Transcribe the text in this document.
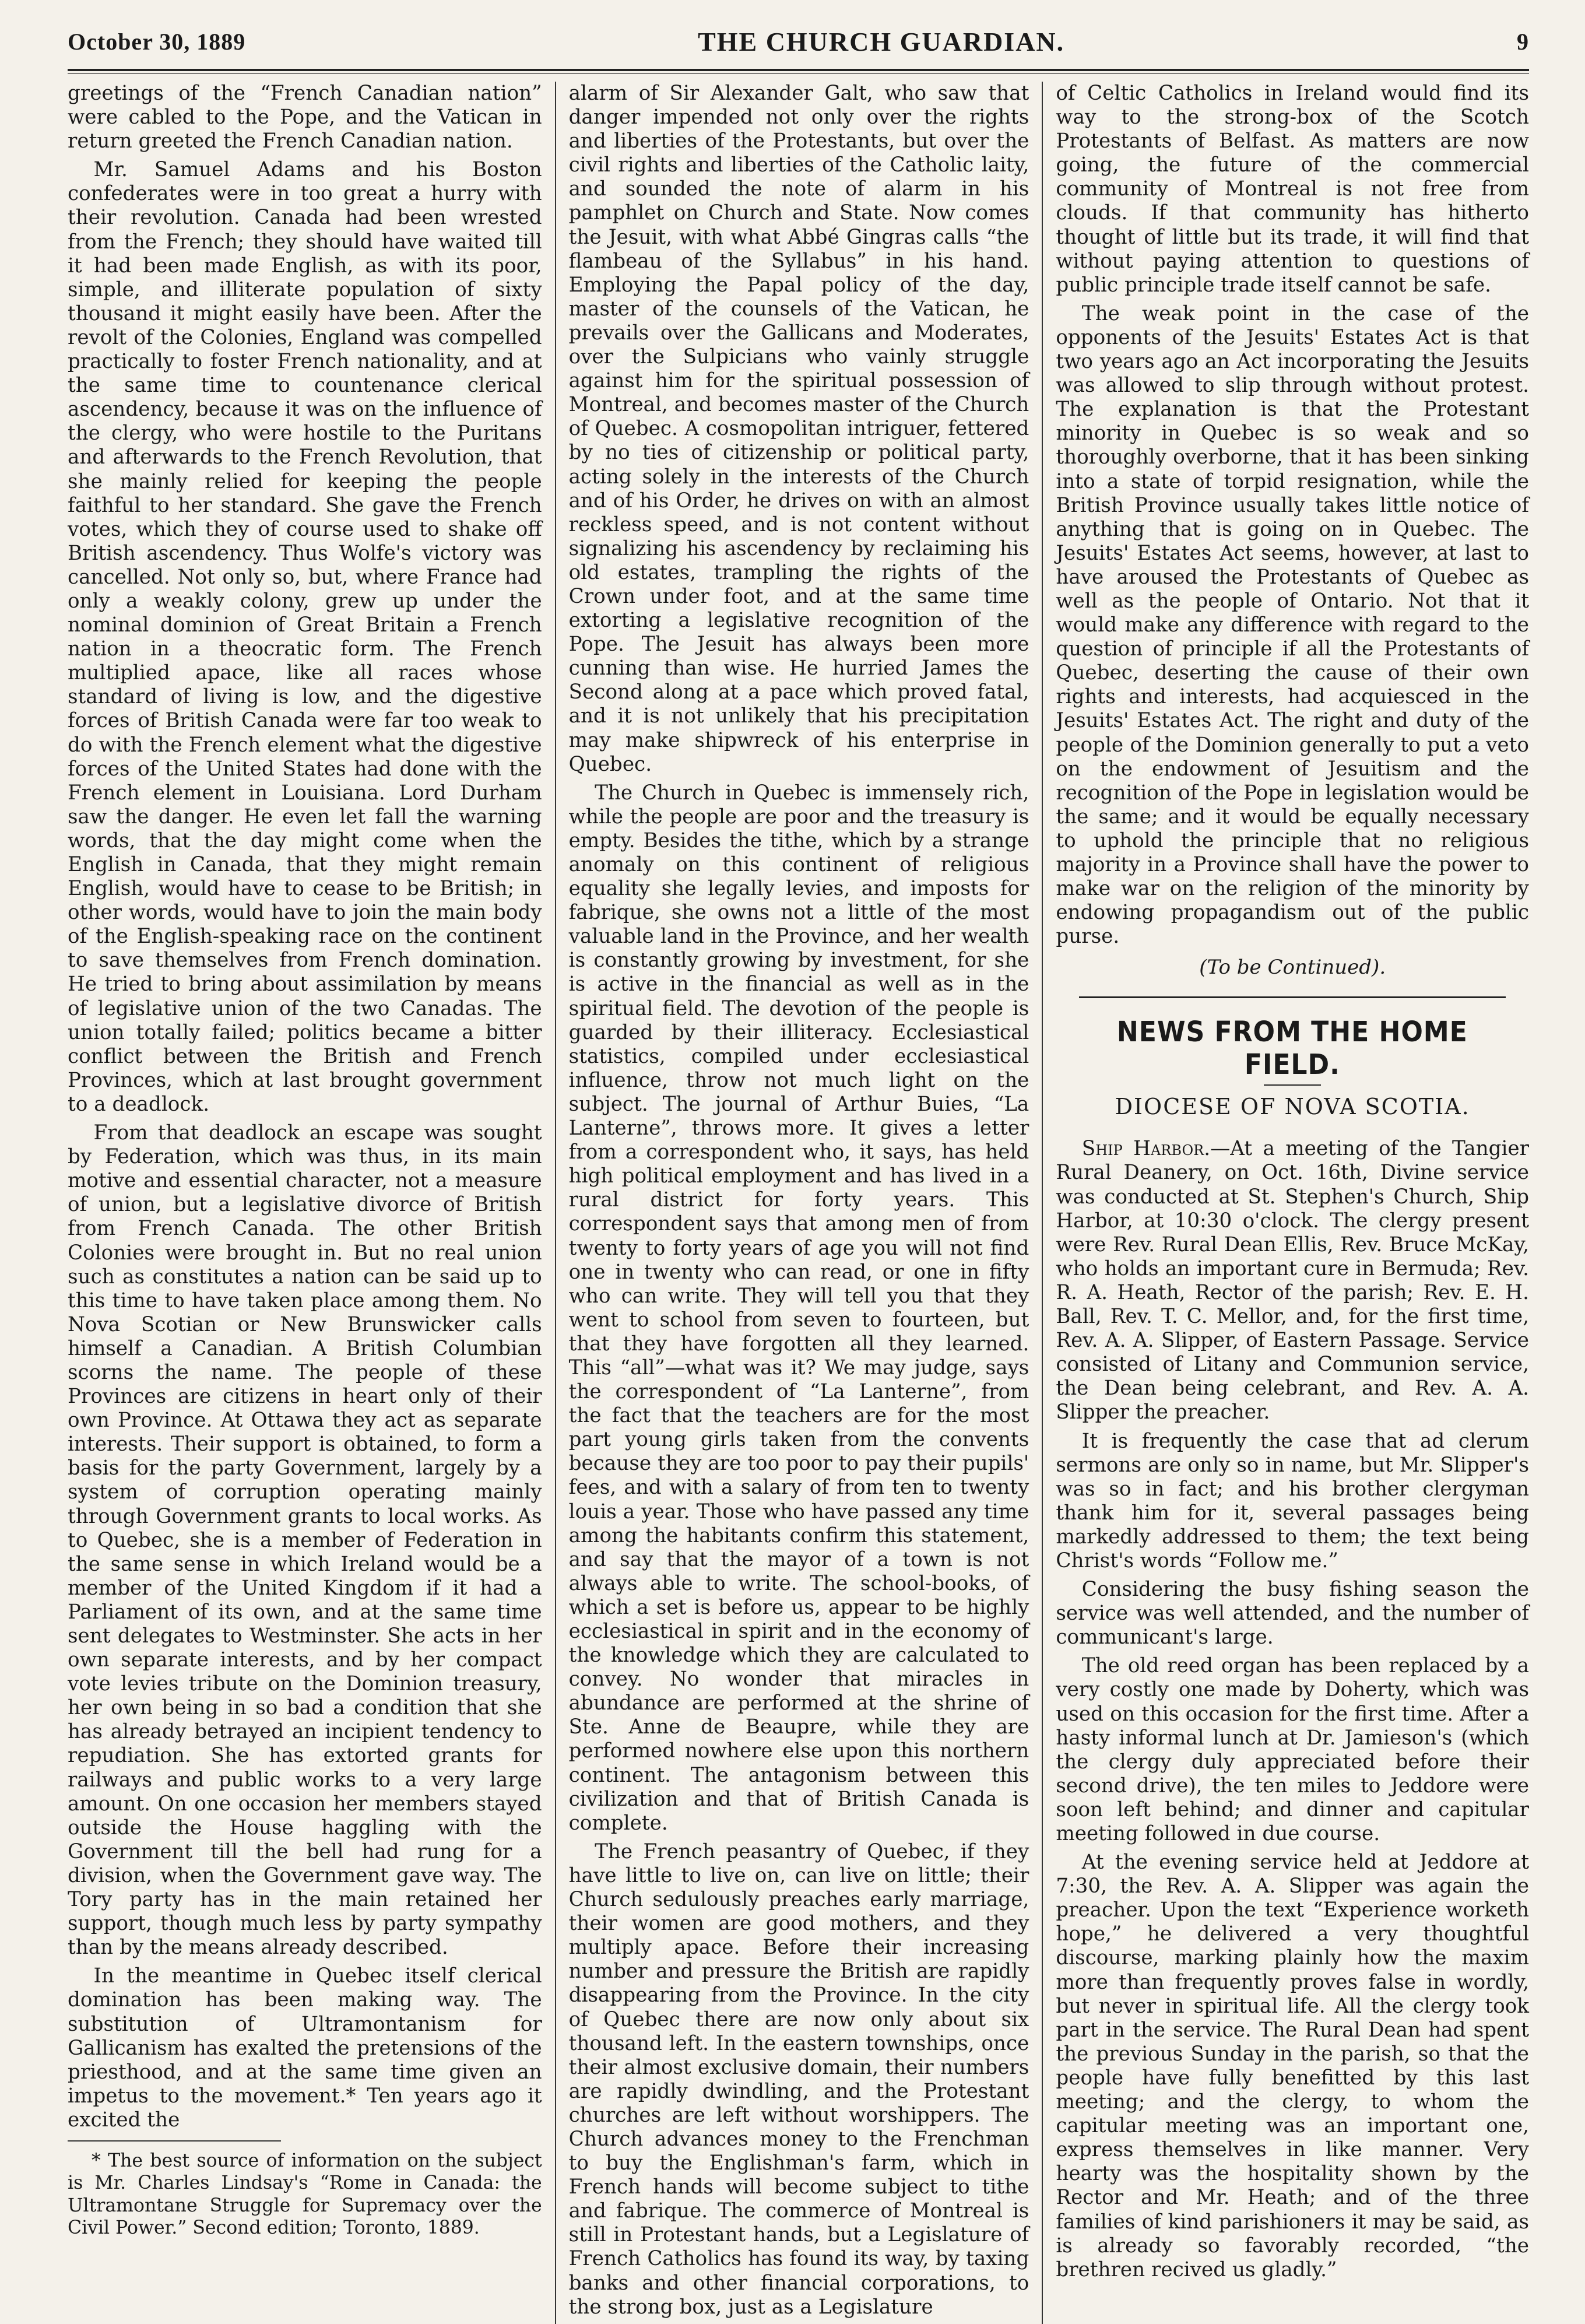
October 30, 1889	THE CHURCH GUARDIAN.	9

greetings of the “French Canadian nation” were cabled to the Pope, and the Vatican in return greeted the French Canadian nation.

Mr. Samuel Adams and his Boston confederates were in too great a hurry with their revolution. Canada had been wrested from the French; they should have waited till it had been made English, as with its poor, simple, and illiterate population of sixty thousand it might easily have been. After the revolt of the Colonies, England was compelled practically to foster French nationality, and at the same time to countenance clerical ascendency, because it was on the influence of the clergy, who were hostile to the Puritans and afterwards to the French Revolution, that she mainly relied for keeping the people faithful to her standard. She gave the French votes, which they of course used to shake off British ascendency. Thus Wolfe's victory was cancelled. Not only so, but, where France had only a weakly colony, grew up under the nominal dominion of Great Britain a French nation in a theocratic form. The French multiplied apace, like all races whose standard of living is low, and the digestive forces of British Canada were far too weak to do with the French element what the digestive forces of the United States had done with the French element in Louisiana. Lord Durham saw the danger. He even let fall the warning words, that the day might come when the English in Canada, that they might remain English, would have to cease to be British; in other words, would have to join the main body of the English-speaking race on the continent to save themselves from French domination. He tried to bring about assimilation by means of legislative union of the two Canadas. The union totally failed; politics became a bitter conflict between the British and French Provinces, which at last brought government to a deadlock.

From that deadlock an escape was sought by Federation, which was thus, in its main motive and essential character, not a measure of union, but a legislative divorce of British from French Canada. The other British Colonies were brought in. But no real union such as constitutes a nation can be said up to this time to have taken place among them. No Nova Scotian or New Brunswicker calls himself a Canadian. A British Columbian scorns the name. The people of these Provinces are citizens in heart only of their own Province. At Ottawa they act as separate interests. Their support is obtained, to form a basis for the party Government, largely by a system of corruption operating mainly through Government grants to local works. As to Quebec, she is a member of Federation in the same sense in which Ireland would be a member of the United Kingdom if it had a Parliament of its own, and at the same time sent delegates to Westminster. She acts in her own separate interests, and by her compact vote levies tribute on the Dominion treasury, her own being in so bad a condition that she has already betrayed an incipient tendency to repudiation. She has extorted grants for railways and public works to a very large amount. On one occasion her members stayed outside the House haggling with the Government till the bell had rung for a division, when the Government gave way. The Tory party has in the main retained her support, though much less by party sympathy than by the means already described.

In the meantime in Quebec itself clerical domination has been making way. The substitution of Ultramontanism for Gallicanism has exalted the pretensions of the priesthood, and at the same time given an impetus to the movement.* Ten years ago it excited the

* The best source of information on the subject is Mr. Charles Lindsay's “Rome in Canada: the Ultramontane Struggle for Supremacy over the Civil Power.” Second edition; Toronto, 1889.

alarm of Sir Alexander Galt, who saw that danger impended not only over the rights and liberties of the Protestants, but over the civil rights and liberties of the Catholic laity, and sounded the note of alarm in his pamphlet on Church and State. Now comes the Jesuit, with what Abbé Gingras calls “the flambeau of the Syllabus” in his hand. Employing the Papal policy of the day, master of the counsels of the Vatican, he prevails over the Gallicans and Moderates, over the Sulpicians who vainly struggle against him for the spiritual possession of Montreal, and becomes master of the Church of Quebec. A cosmopolitan intriguer, fettered by no ties of citizenship or political party, acting solely in the interests of the Church and of his Order, he drives on with an almost reckless speed, and is not content without signalizing his ascendency by reclaiming his old estates, trampling the rights of the Crown under foot, and at the same time extorting a legislative recognition of the Pope. The Jesuit has always been more cunning than wise. He hurried James the Second along at a pace which proved fatal, and it is not unlikely that his precipitation may make shipwreck of his enterprise in Quebec.

The Church in Quebec is immensely rich, while the people are poor and the treasury is empty. Besides the tithe, which by a strange anomaly on this continent of religious equality she legally levies, and imposts for fabrique, she owns not a little of the most valuable land in the Province, and her wealth is constantly growing by investment, for she is active in the financial as well as in the spiritual field. The devotion of the people is guarded by their illiteracy. Ecclesiastical statistics, compiled under ecclesiastical influence, throw not much light on the subject. The journal of Arthur Buies, “La Lanterne”, throws more. It gives a letter from a correspondent who, it says, has held high political employment and has lived in a rural district for forty years. This correspondent says that among men of from twenty to forty years of age you will not find one in twenty who can read, or one in fifty who can write. They will tell you that they went to school from seven to fourteen, but that they have forgotten all they learned. This “all”—what was it? We may judge, says the correspondent of “La Lanterne”, from the fact that the teachers are for the most part young girls taken from the convents because they are too poor to pay their pupils' fees, and with a salary of from ten to twenty louis a year. Those who have passed any time among the habitants confirm this statement, and say that the mayor of a town is not always able to write. The school-books, of which a set is before us, appear to be highly ecclesiastical in spirit and in the economy of the knowledge which they are calculated to convey. No wonder that miracles in abundance are performed at the shrine of Ste. Anne de Beaupre, while they are performed nowhere else upon this northern continent. The antagonism between this civilization and that of British Canada is complete.

The French peasantry of Quebec, if they have little to live on, can live on little; their Church sedulously preaches early marriage, their women are good mothers, and they multiply apace. Before their increasing number and pressure the British are rapidly disappearing from the Province. In the city of Quebec there are now only about six thousand left. In the eastern townships, once their almost exclusive domain, their numbers are rapidly dwindling, and the Protestant churches are left without worshippers. The Church advances money to the Frenchman to buy the Englishman's farm, which in French hands will become subject to tithe and fabrique. The commerce of Montreal is still in Protestant hands, but a Legislature of French Catholics has found its way, by taxing banks and other financial corporations, to the strong box, just as a Legislature

of Celtic Catholics in Ireland would find its way to the strong-box of the Scotch Protestants of Belfast. As matters are now going, the future of the commercial community of Montreal is not free from clouds. If that community has hitherto thought of little but its trade, it will find that without paying attention to questions of public principle trade itself cannot be safe.

The weak point in the case of the opponents of the Jesuits' Estates Act is that two years ago an Act incorporating the Jesuits was allowed to slip through without protest. The explanation is that the Protestant minority in Quebec is so weak and so thoroughly overborne, that it has been sinking into a state of torpid resignation, while the British Province usually takes little notice of anything that is going on in Quebec. The Jesuits' Estates Act seems, however, at last to have aroused the Protestants of Quebec as well as the people of Ontario. Not that it would make any difference with regard to the question of principle if all the Protestants of Quebec, deserting the cause of their own rights and interests, had acquiesced in the Jesuits' Estates Act. The right and duty of the people of the Dominion generally to put a veto on the endowment of Jesuitism and the recognition of the Pope in legislation would be the same; and it would be equally necessary to uphold the principle that no religious majority in a Province shall have the power to make war on the religion of the minority by endowing propagandism out of the public purse.

(To be Continued).

NEWS FROM THE HOME FIELD.
DIOCESE OF NOVA SCOTIA.

Ship Harbor.—At a meeting of the Tangier Rural Deanery, on Oct. 16th, Divine service was conducted at St. Stephen's Church, Ship Harbor, at 10:30 o'clock. The clergy present were Rev. Rural Dean Ellis, Rev. Bruce McKay, who holds an important cure in Bermuda; Rev. R. A. Heath, Rector of the parish; Rev. E. H. Ball, Rev. T. C. Mellor, and, for the first time, Rev. A. A. Slipper, of Eastern Passage. Service consisted of Litany and Communion service, the Dean being celebrant, and Rev. A. A. Slipper the preacher.

It is frequently the case that ad clerum sermons are only so in name, but Mr. Slipper's was so in fact; and his brother clergyman thank him for it, several passages being markedly addressed to them; the text being Christ's words “Follow me.”

Considering the busy fishing season the service was well attended, and the number of communicant's large.

The old reed organ has been replaced by a very costly one made by Doherty, which was used on this occasion for the first time. After a hasty informal lunch at Dr. Jamieson's (which the clergy duly appreciated before their second drive), the ten miles to Jeddore were soon left behind; and dinner and capitular meeting followed in due course.

At the evening service held at Jeddore at 7:30, the Rev. A. A. Slipper was again the preacher. Upon the text “Experience worketh hope,” he delivered a very thoughtful discourse, marking plainly how the maxim more than frequently proves false in wordly, but never in spiritual life. All the clergy took part in the service. The Rural Dean had spent the previous Sunday in the parish, so that the people have fully benefitted by this last meeting; and the clergy, to whom the capitular meeting was an important one, express themselves in like manner. Very hearty was the hospitality shown by the Rector and Mr. Heath; and of the three families of kind parishioners it may be said, as is already so favorably recorded, “the brethren recived us gladly.”
